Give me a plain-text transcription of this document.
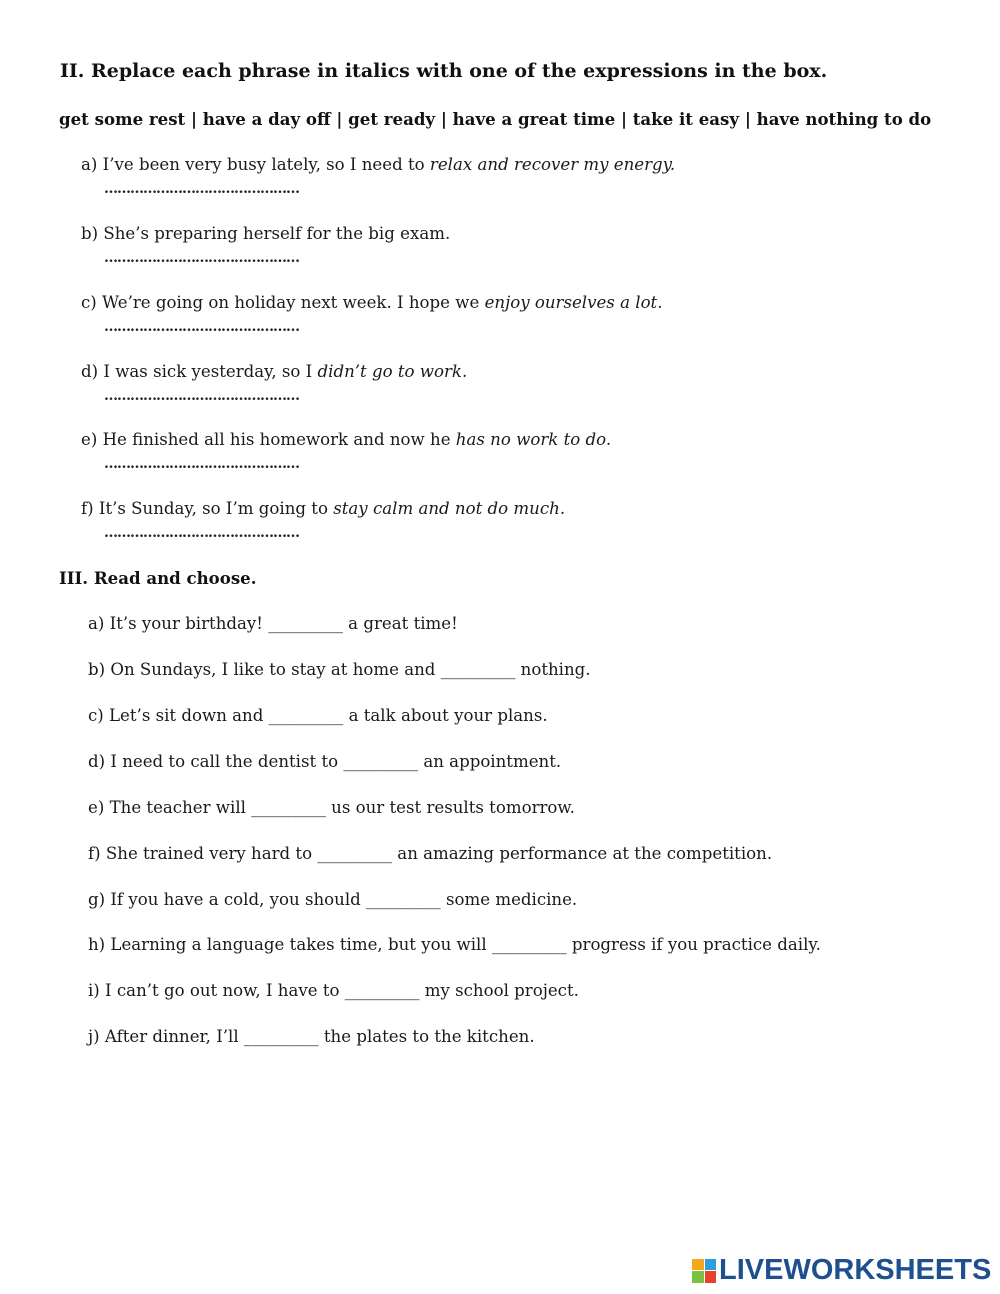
II. Replace each phrase in italics with one of the expressions in the box.
get some rest | have a day off | get ready | have a great time | take it easy | have nothing to do
a) I’ve been very busy lately, so I need to relax and recover my energy.
………………………………………
b) She’s preparing herself for the big exam.
………………………………………
c) We’re going on holiday next week. I hope we enjoy ourselves a lot.
………………………………………
d) I was sick yesterday, so I didn’t go to work.
………………………………………
e) He finished all his homework and now he has no work to do.
………………………………………
f) It’s Sunday, so I’m going to stay calm and not do much.
………………………………………
III. Read and choose.
a) It’s your birthday! _________ a great time!
b) On Sundays, I like to stay at home and _________ nothing.
c) Let’s sit down and _________ a talk about your plans.
d) I need to call the dentist to _________ an appointment.
e) The teacher will _________ us our test results tomorrow.
f) She trained very hard to _________ an amazing performance at the competition.
g) If you have a cold, you should _________ some medicine.
h) Learning a language takes time, but you will _________ progress if you practice daily.
i) I can’t go out now, I have to _________ my school project.
j) After dinner, I’ll _________ the plates to the kitchen.
LIVEWORKSHEETS
